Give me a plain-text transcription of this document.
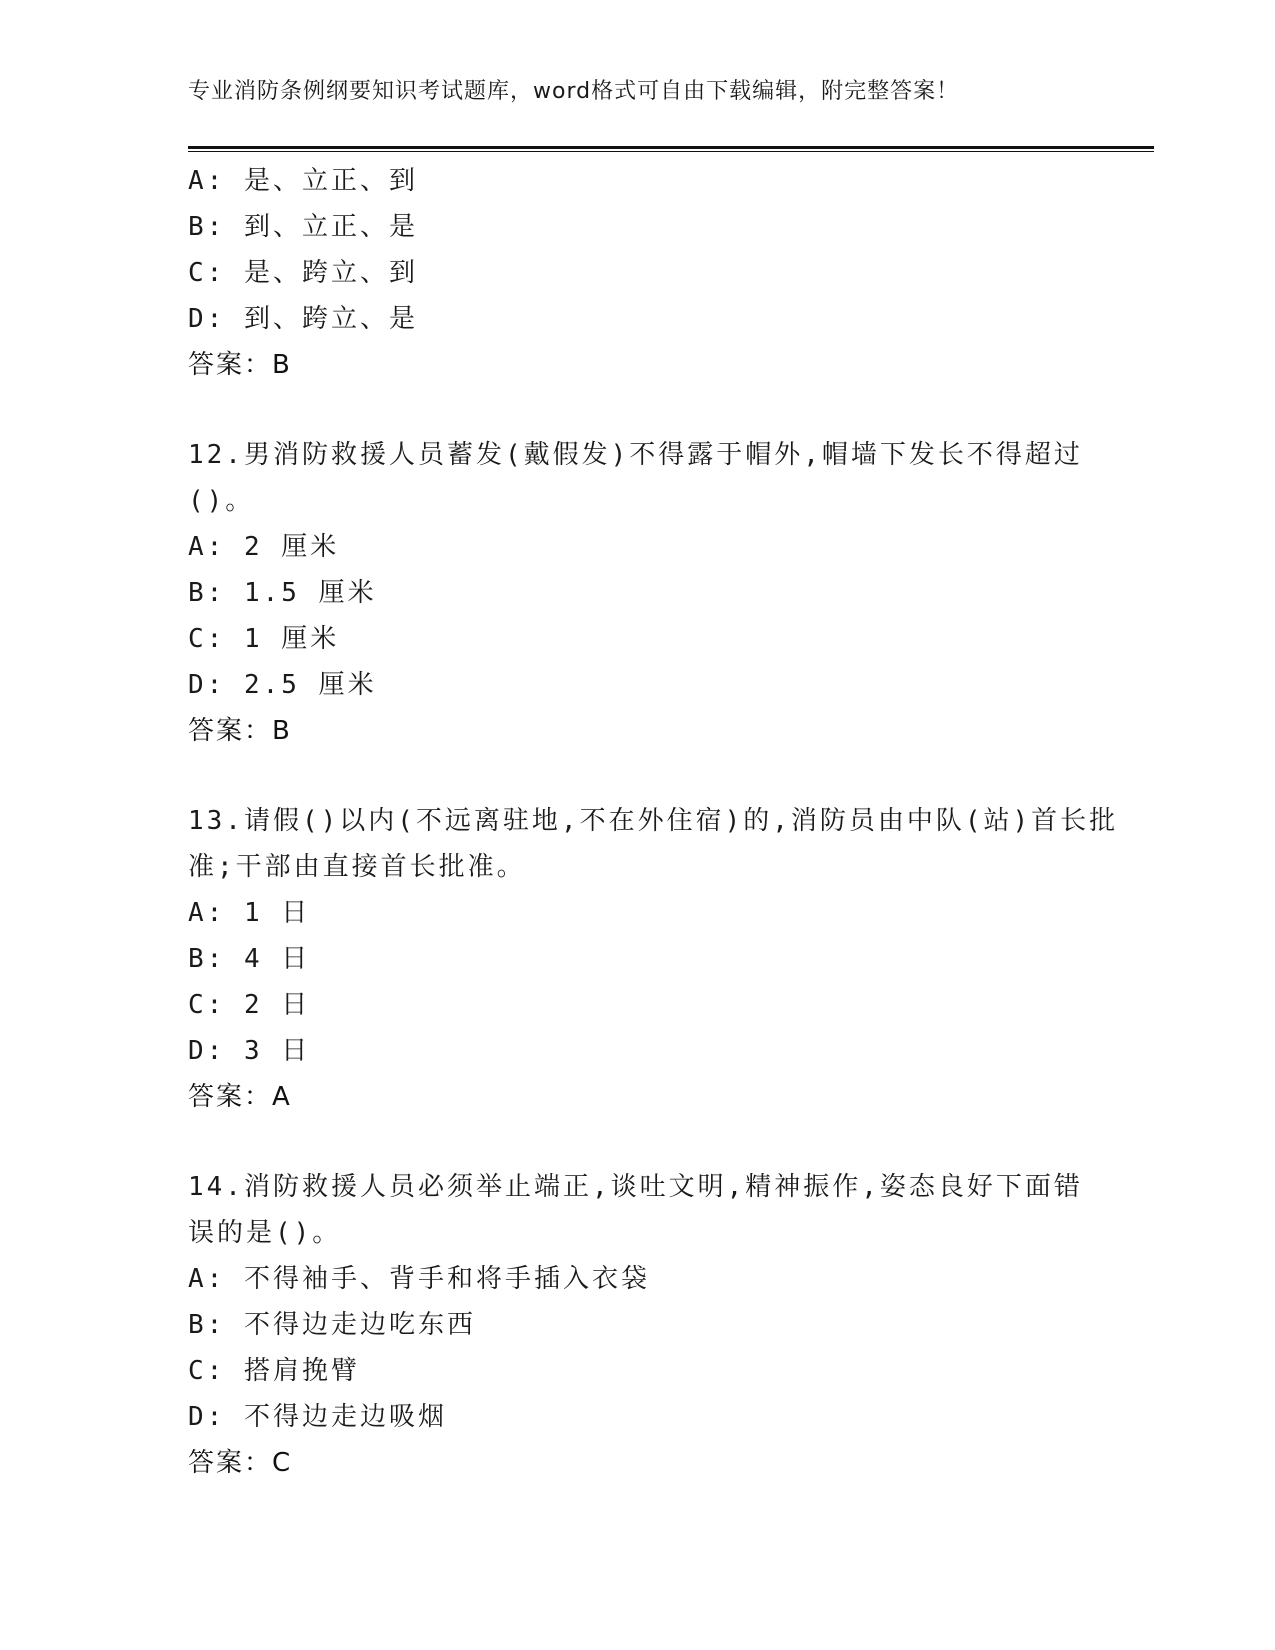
专业消防条例纲要知识考试题库，word格式可自由下载编辑，附完整答案！
A: 是、立正、到
B: 到、立正、是
C: 是、跨立、到
D: 到、跨立、是
答案：B
12.男消防救援人员蓄发(戴假发)不得露于帽外,帽墙下发长不得超过
()。
A: 2 厘米
B: 1.5 厘米
C: 1 厘米
D: 2.5 厘米
答案：B
13.请假()以内(不远离驻地,不在外住宿)的,消防员由中队(站)首长批
准;干部由直接首长批准。
A: 1 日
B: 4 日
C: 2 日
D: 3 日
答案：A
14.消防救援人员必须举止端正,谈吐文明,精神振作,姿态良好下面错
误的是()。
A: 不得袖手、背手和将手插入衣袋
B: 不得边走边吃东西
C: 搭肩挽臂
D: 不得边走边吸烟
答案：C
